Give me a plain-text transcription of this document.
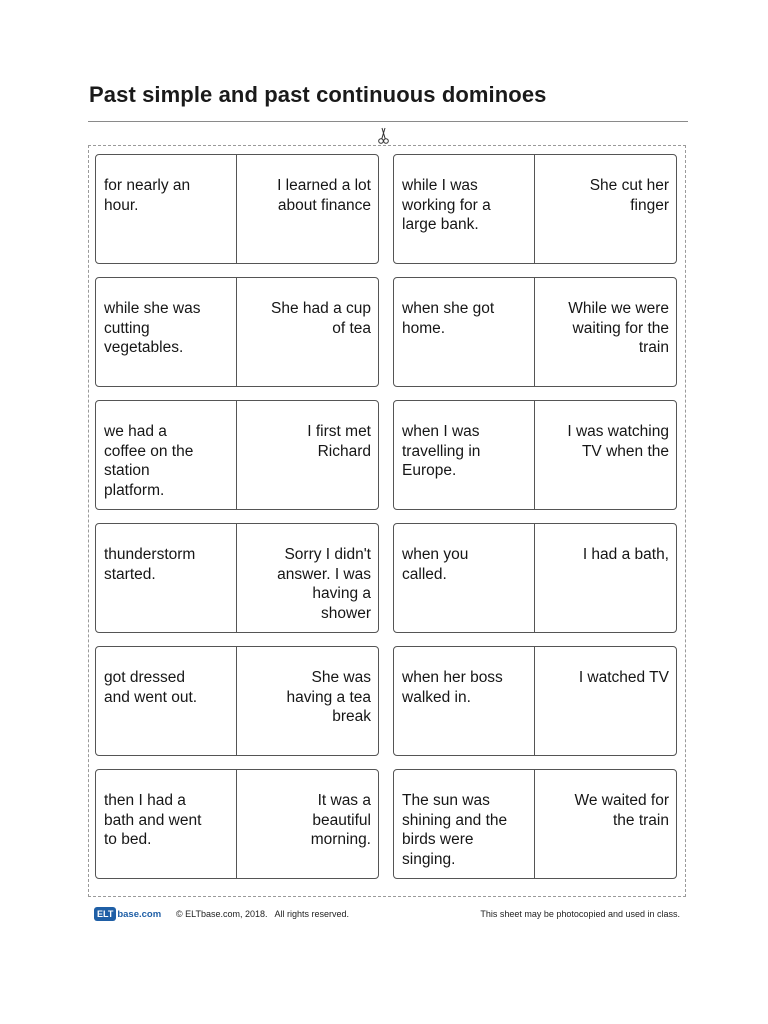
Past simple and past continuous dominoes
for nearly an
hour.
I learned a lot
about finance
while I was
working for a
large bank.
She cut her
finger
while she was
cutting
vegetables.
She had a cup
of tea
when she got
home.
While we were
waiting for the
train
we had a
coffee on the
station
platform.
I first met
Richard
when I was
travelling in
Europe.
I was watching
TV when the
thunderstorm
started.
Sorry I didn't
answer. I was
having a
shower
when you
called.
I had a bath,
got dressed
and went out.
She was
having a tea
break
when her boss
walked in.
I watched TV
then I had a
bath and went
to bed.
It was a
beautiful
morning.
The sun was
shining and the
birds were
singing.
We waited for
the train
ELT base.com © ELTbase.com, 2018.   All rights reserved.	This sheet may be photocopied and used in class.
